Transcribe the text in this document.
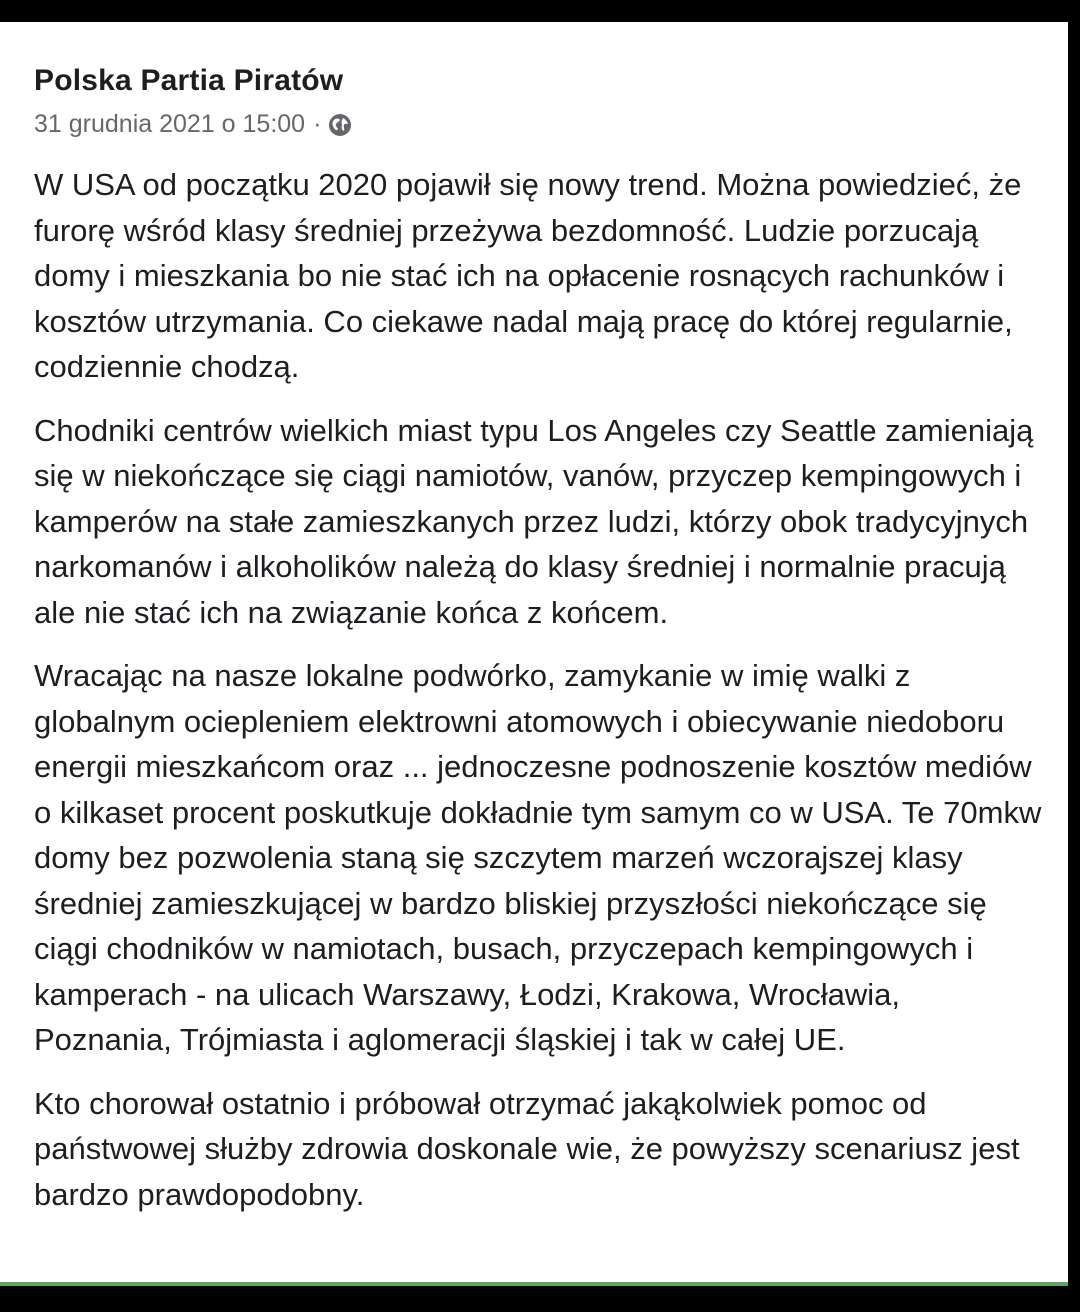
Polska Partia Piratów
31 grudnia 2021 o 15:00 ·

W USA od początku 2020 pojawił się nowy trend. Można powiedzieć, że furorę wśród klasy średniej przeżywa bezdomność. Ludzie porzucają domy i mieszkania bo nie stać ich na opłacenie rosnących rachunków i kosztów utrzymania. Co ciekawe nadal mają pracę do której regularnie, codziennie chodzą.

Chodniki centrów wielkich miast typu Los Angeles czy Seattle zamieniają się w niekończące się ciągi namiotów, vanów, przyczep kempingowych i kamperów na stałe zamieszkanych przez ludzi, którzy obok tradycyjnych narkomanów i alkoholików należą do klasy średniej i normalnie pracują ale nie stać ich na związanie końca z końcem.

Wracając na nasze lokalne podwórko, zamykanie w imię walki z globalnym ociepleniem elektrowni atomowych i obiecywanie niedoboru energii mieszkańcom oraz ... jednoczesne podnoszenie kosztów mediów o kilkaset procent poskutkuje dokładnie tym samym co w USA. Te 70mkw domy bez pozwolenia staną się szczytem marzeń wczorajszej klasy średniej zamieszkującej w bardzo bliskiej przyszłości niekończące się ciągi chodników w namiotach, busach, przyczepach kempingowych i kamperach - na ulicach Warszawy, Łodzi, Krakowa, Wrocławia, Poznania, Trójmiasta i aglomeracji śląskiej i tak w całej UE.

Kto chorował ostatnio i próbował otrzymać jakąkolwiek pomoc od państwowej służby zdrowia doskonale wie, że powyższy scenariusz jest bardzo prawdopodobny.
